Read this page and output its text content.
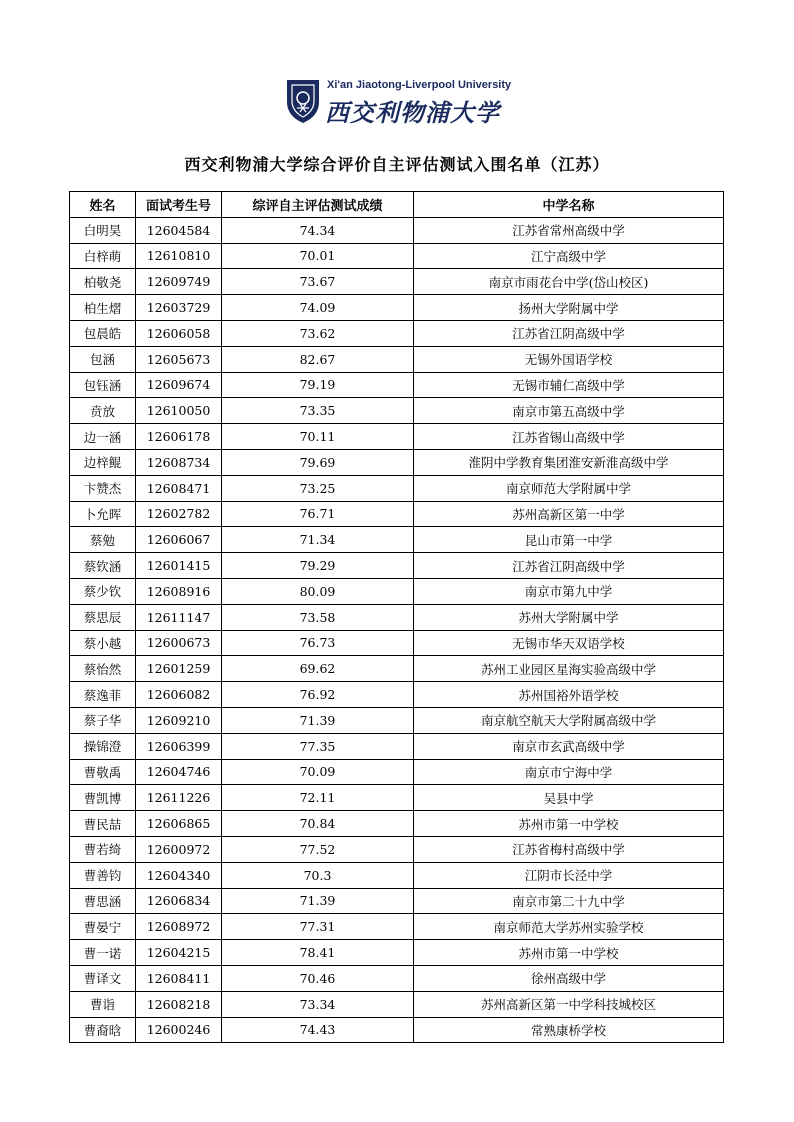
Xi'an Jiaotong-Liverpool University
西交利物浦大学
西交利物浦大学综合评价自主评估测试入围名单（江苏）
姓名	面试考生号	综评自主评估测试成绩	中学名称
白明昊	12604584	74.34	江苏省常州高级中学
白梓萌	12610810	70.01	江宁高级中学
柏敬尧	12609749	73.67	南京市雨花台中学(岱山校区)
柏生熠	12603729	74.09	扬州大学附属中学
包晨皓	12606058	73.62	江苏省江阴高级中学
包涵	12605673	82.67	无锡外国语学校
包钰涵	12609674	79.19	无锡市辅仁高级中学
贲放	12610050	73.35	南京市第五高级中学
边一涵	12606178	70.11	江苏省锡山高级中学
边梓鲲	12608734	79.69	淮阴中学教育集团淮安新淮高级中学
卞赞杰	12608471	73.25	南京师范大学附属中学
卜允晖	12602782	76.71	苏州高新区第一中学
蔡勉	12606067	71.34	昆山市第一中学
蔡钦涵	12601415	79.29	江苏省江阴高级中学
蔡少钦	12608916	80.09	南京市第九中学
蔡思辰	12611147	73.58	苏州大学附属中学
蔡小越	12600673	76.73	无锡市华天双语学校
蔡怡然	12601259	69.62	苏州工业园区星海实验高级中学
蔡逸菲	12606082	76.92	苏州国裕外语学校
蔡子华	12609210	71.39	南京航空航天大学附属高级中学
操锦澄	12606399	77.35	南京市玄武高级中学
曹敬禹	12604746	70.09	南京市宁海中学
曹凯博	12611226	72.11	吴县中学
曹民喆	12606865	70.84	苏州市第一中学校
曹若绮	12600972	77.52	江苏省梅村高级中学
曹善钧	12604340	70.3	江阴市长泾中学
曹思涵	12606834	71.39	南京市第二十九中学
曹晏宁	12608972	77.31	南京师范大学苏州实验学校
曹一诺	12604215	78.41	苏州市第一中学校
曹译文	12608411	70.46	徐州高级中学
曹诣	12608218	73.34	苏州高新区第一中学科技城校区
曹裔晗	12600246	74.43	常熟康桥学校
